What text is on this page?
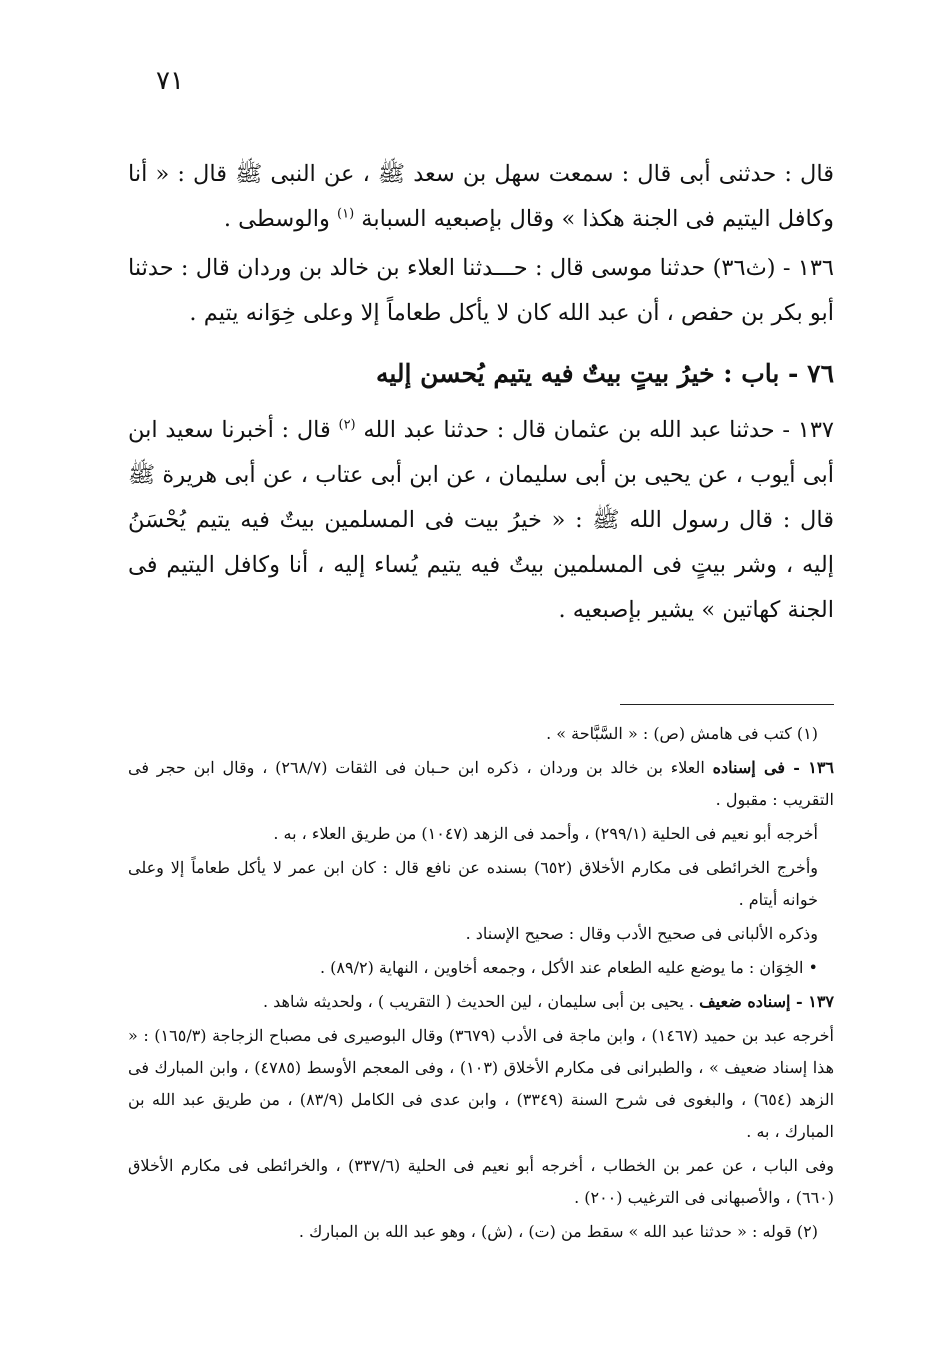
٧١

قال : حدثنى أبى قال : سمعت سهل بن سعد ﷺ ، عن النبى ﷺ قال : « أنا وكافل اليتيم فى الجنة هكذا » وقال بإصبعيه السبابة $^{(١)}$ والوسطى .

١٣٦ - (ث٣٦) حدثنا موسى قال : حـــدثنا العلاء بن خالد بن وردان قال : حدثنا أبو بكر بن حفص ، أن عبد الله كان لا يأكل طعاماً إلا وعلى خِوَانه يتيم .

٧٦ - باب : خيرُ بيتٍ بيتٌ فيه يتيم يُحسن إليه

١٣٧ - حدثنا عبد الله بن عثمان قال : حدثنا عبد الله $^{(٢)}$ قال : أخبرنا سعيد ابن أبى أيوب ، عن يحيى بن أبى سليمان ، عن ابن أبى عتاب ، عن أبى هريرة ﷺ قال : قال رسول الله ﷺ : « خيرُ بيت فى المسلمين بيتٌ فيه يتيم يُحْسَنُ إليه ، وشر بيتٍ فى المسلمين بيتٌ فيه يتيم يُساء إليه ، أنا وكافل اليتيم فى الجنة كهاتين » يشير بإصبعيه .

(١) كتب فى هامش (ص) : « السَّبَّاحة » .

١٣٦ - فى إسناده العلاء بن خالد بن وردان ، ذكره ابن حـبان فى الثقات (٢٦٨/٧) ، وقال ابن حجر فى التقريب : مقبول .

أخرجه أبو نعيم فى الحلية (٢٩٩/١) ، وأحمد فى الزهد (١٠٤٧) من طريق العلاء ، به .

وأخرج الخرائطى فى مكارم الأخلاق (٦٥٢) بسنده عن نافع قال : كان ابن عمر لا يأكل طعاماً إلا وعلى خوانه أيتام .

وذكره الألبانى فى صحيح الأدب وقال : صحيح الإسناد .

• الخِوَان : ما يوضع عليه الطعام عند الأكل ، وجمعه أخاوين ، النهاية (٨٩/٢) .

١٣٧ - إسناده ضعيف . يحيى بن أبى سليمان ، لين الحديث ( التقريب ) ، ولحديثه شاهد .

أخرجه عبد بن حميد (١٤٦٧) ، وابن ماجة فى الأدب (٣٦٧٩) وقال البوصيرى فى مصباح الزجاجة (١٦٥/٣) : « هذا إسناد ضعيف » ، والطبرانى فى مكارم الأخلاق (١٠٣) ، وفى المعجم الأوسط (٤٧٨٥) ، وابن المبارك فى الزهد (٦٥٤) ، والبغوى فى شرح السنة (٣٣٤٩) ، وابن عدى فى الكامل (٨٣/٩) ، من طريق عبد الله بن المبارك ، به .

وفى الباب ، عن عمر بن الخطاب ، أخرجه أبو نعيم فى الحلية (٣٣٧/٦) ، والخرائطى فى مكارم الأخلاق (٦٦٠) ، والأصبهانى فى الترغيب (٢٠٠) .

(٢) قوله : « حدثنا عبد الله » سقط من (ت) ، (ش) ، وهو عبد الله بن المبارك .
